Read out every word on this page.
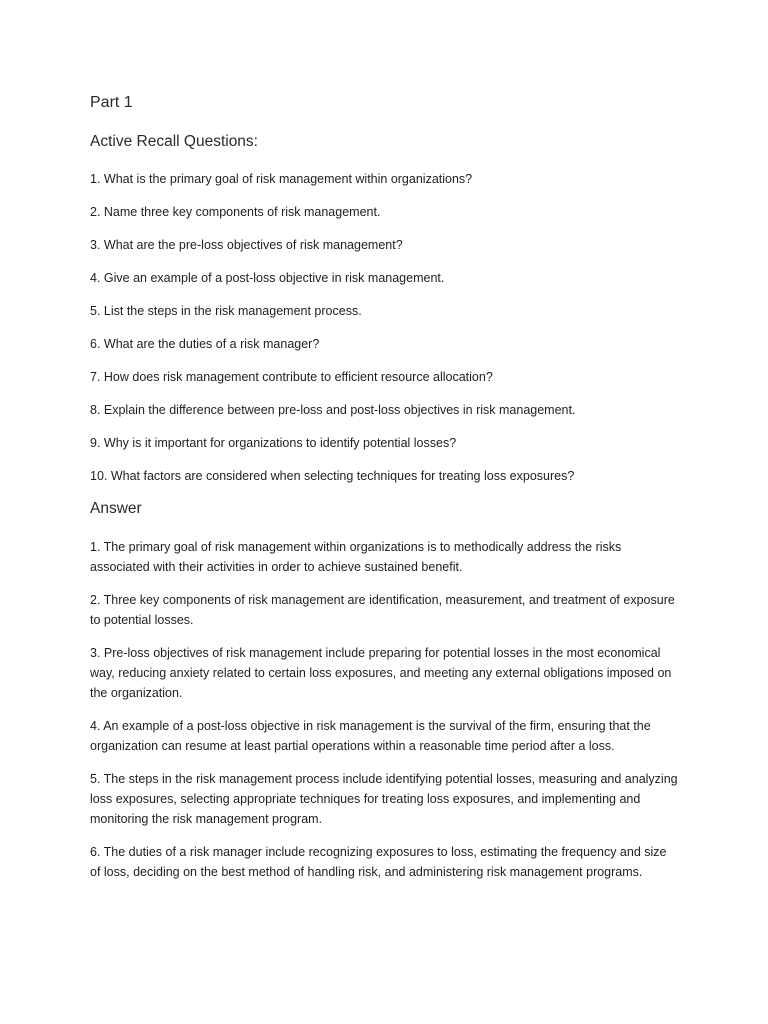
Part 1
Active Recall Questions:
1. What is the primary goal of risk management within organizations?
2. Name three key components of risk management.
3. What are the pre-loss objectives of risk management?
4. Give an example of a post-loss objective in risk management.
5. List the steps in the risk management process.
6. What are the duties of a risk manager?
7. How does risk management contribute to efficient resource allocation?
8. Explain the difference between pre-loss and post-loss objectives in risk management.
9. Why is it important for organizations to identify potential losses?
10. What factors are considered when selecting techniques for treating loss exposures?
Answer
1. The primary goal of risk management within organizations is to methodically address the risks associated with their activities in order to achieve sustained benefit.
2. Three key components of risk management are identification, measurement, and treatment of exposure to potential losses.
3. Pre-loss objectives of risk management include preparing for potential losses in the most economical way, reducing anxiety related to certain loss exposures, and meeting any external obligations imposed on the organization.
4. An example of a post-loss objective in risk management is the survival of the firm, ensuring that the organization can resume at least partial operations within a reasonable time period after a loss.
5. The steps in the risk management process include identifying potential losses, measuring and analyzing loss exposures, selecting appropriate techniques for treating loss exposures, and implementing and monitoring the risk management program.
6. The duties of a risk manager include recognizing exposures to loss, estimating the frequency and size of loss, deciding on the best method of handling risk, and administering risk management programs.
